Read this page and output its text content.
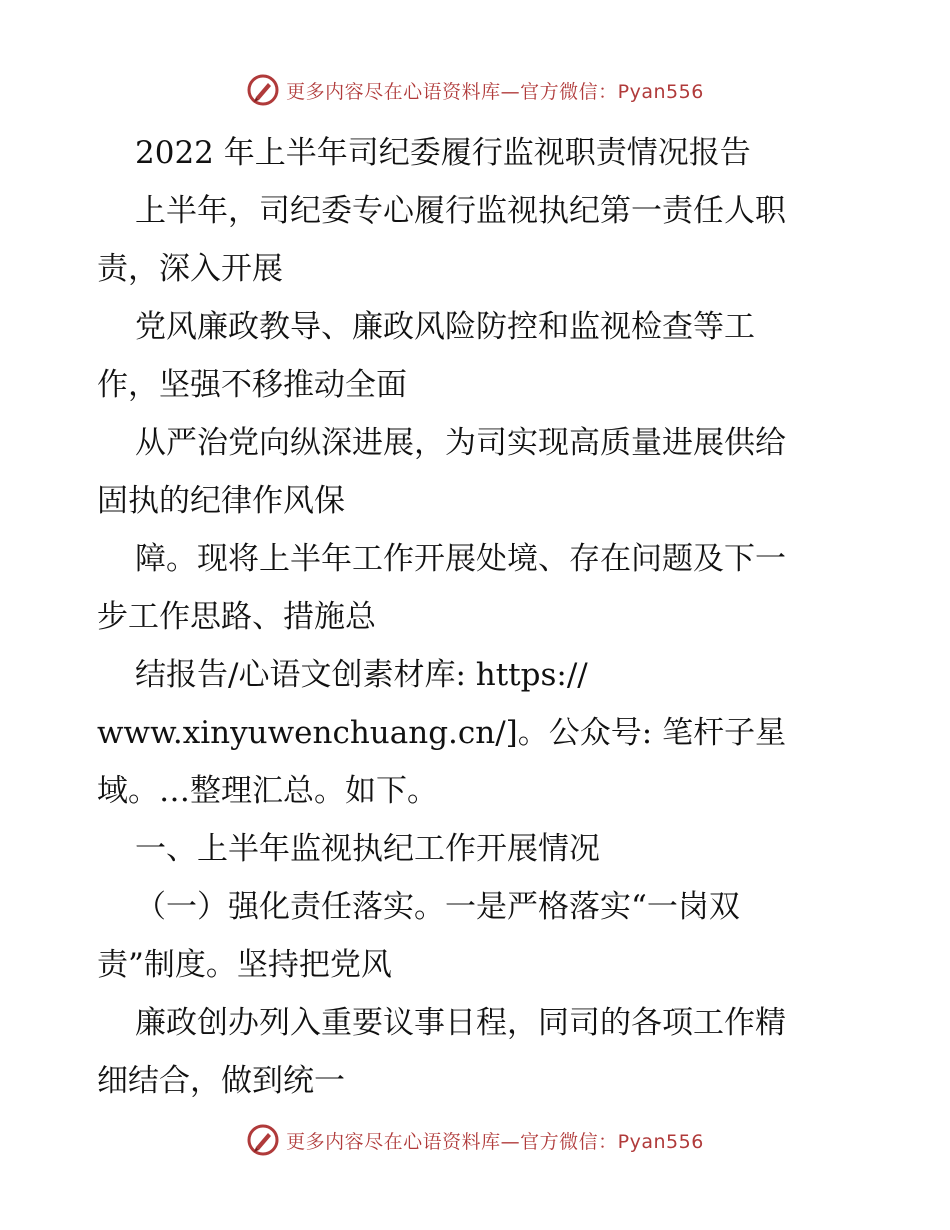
更多内容尽在心语资料库—官方微信：Pyan556
2022 年上半年司纪委履行监视职责情况报告
上半年，司纪委专心履行监视执纪第一责任人职
责，深入开展
党风廉政教导、廉政风险防控和监视检查等工
作，坚强不移推动全面
从严治党向纵深进展，为司实现高质量进展供给
固执的纪律作风保
障。现将上半年工作开展处境、存在问题及下一
步工作思路、措施总
结报告/心语文创素材库: https://
www.xinyuwenchuang.cn/]。公众号: 笔杆子星
域。…整理汇总。如下。
一、上半年监视执纪工作开展情况
（一）强化责任落实。一是严格落实“一岗双
责”制度。坚持把党风
廉政创办列入重要议事日程，同司的各项工作精
细结合，做到统一
更多内容尽在心语资料库—官方微信：Pyan556
